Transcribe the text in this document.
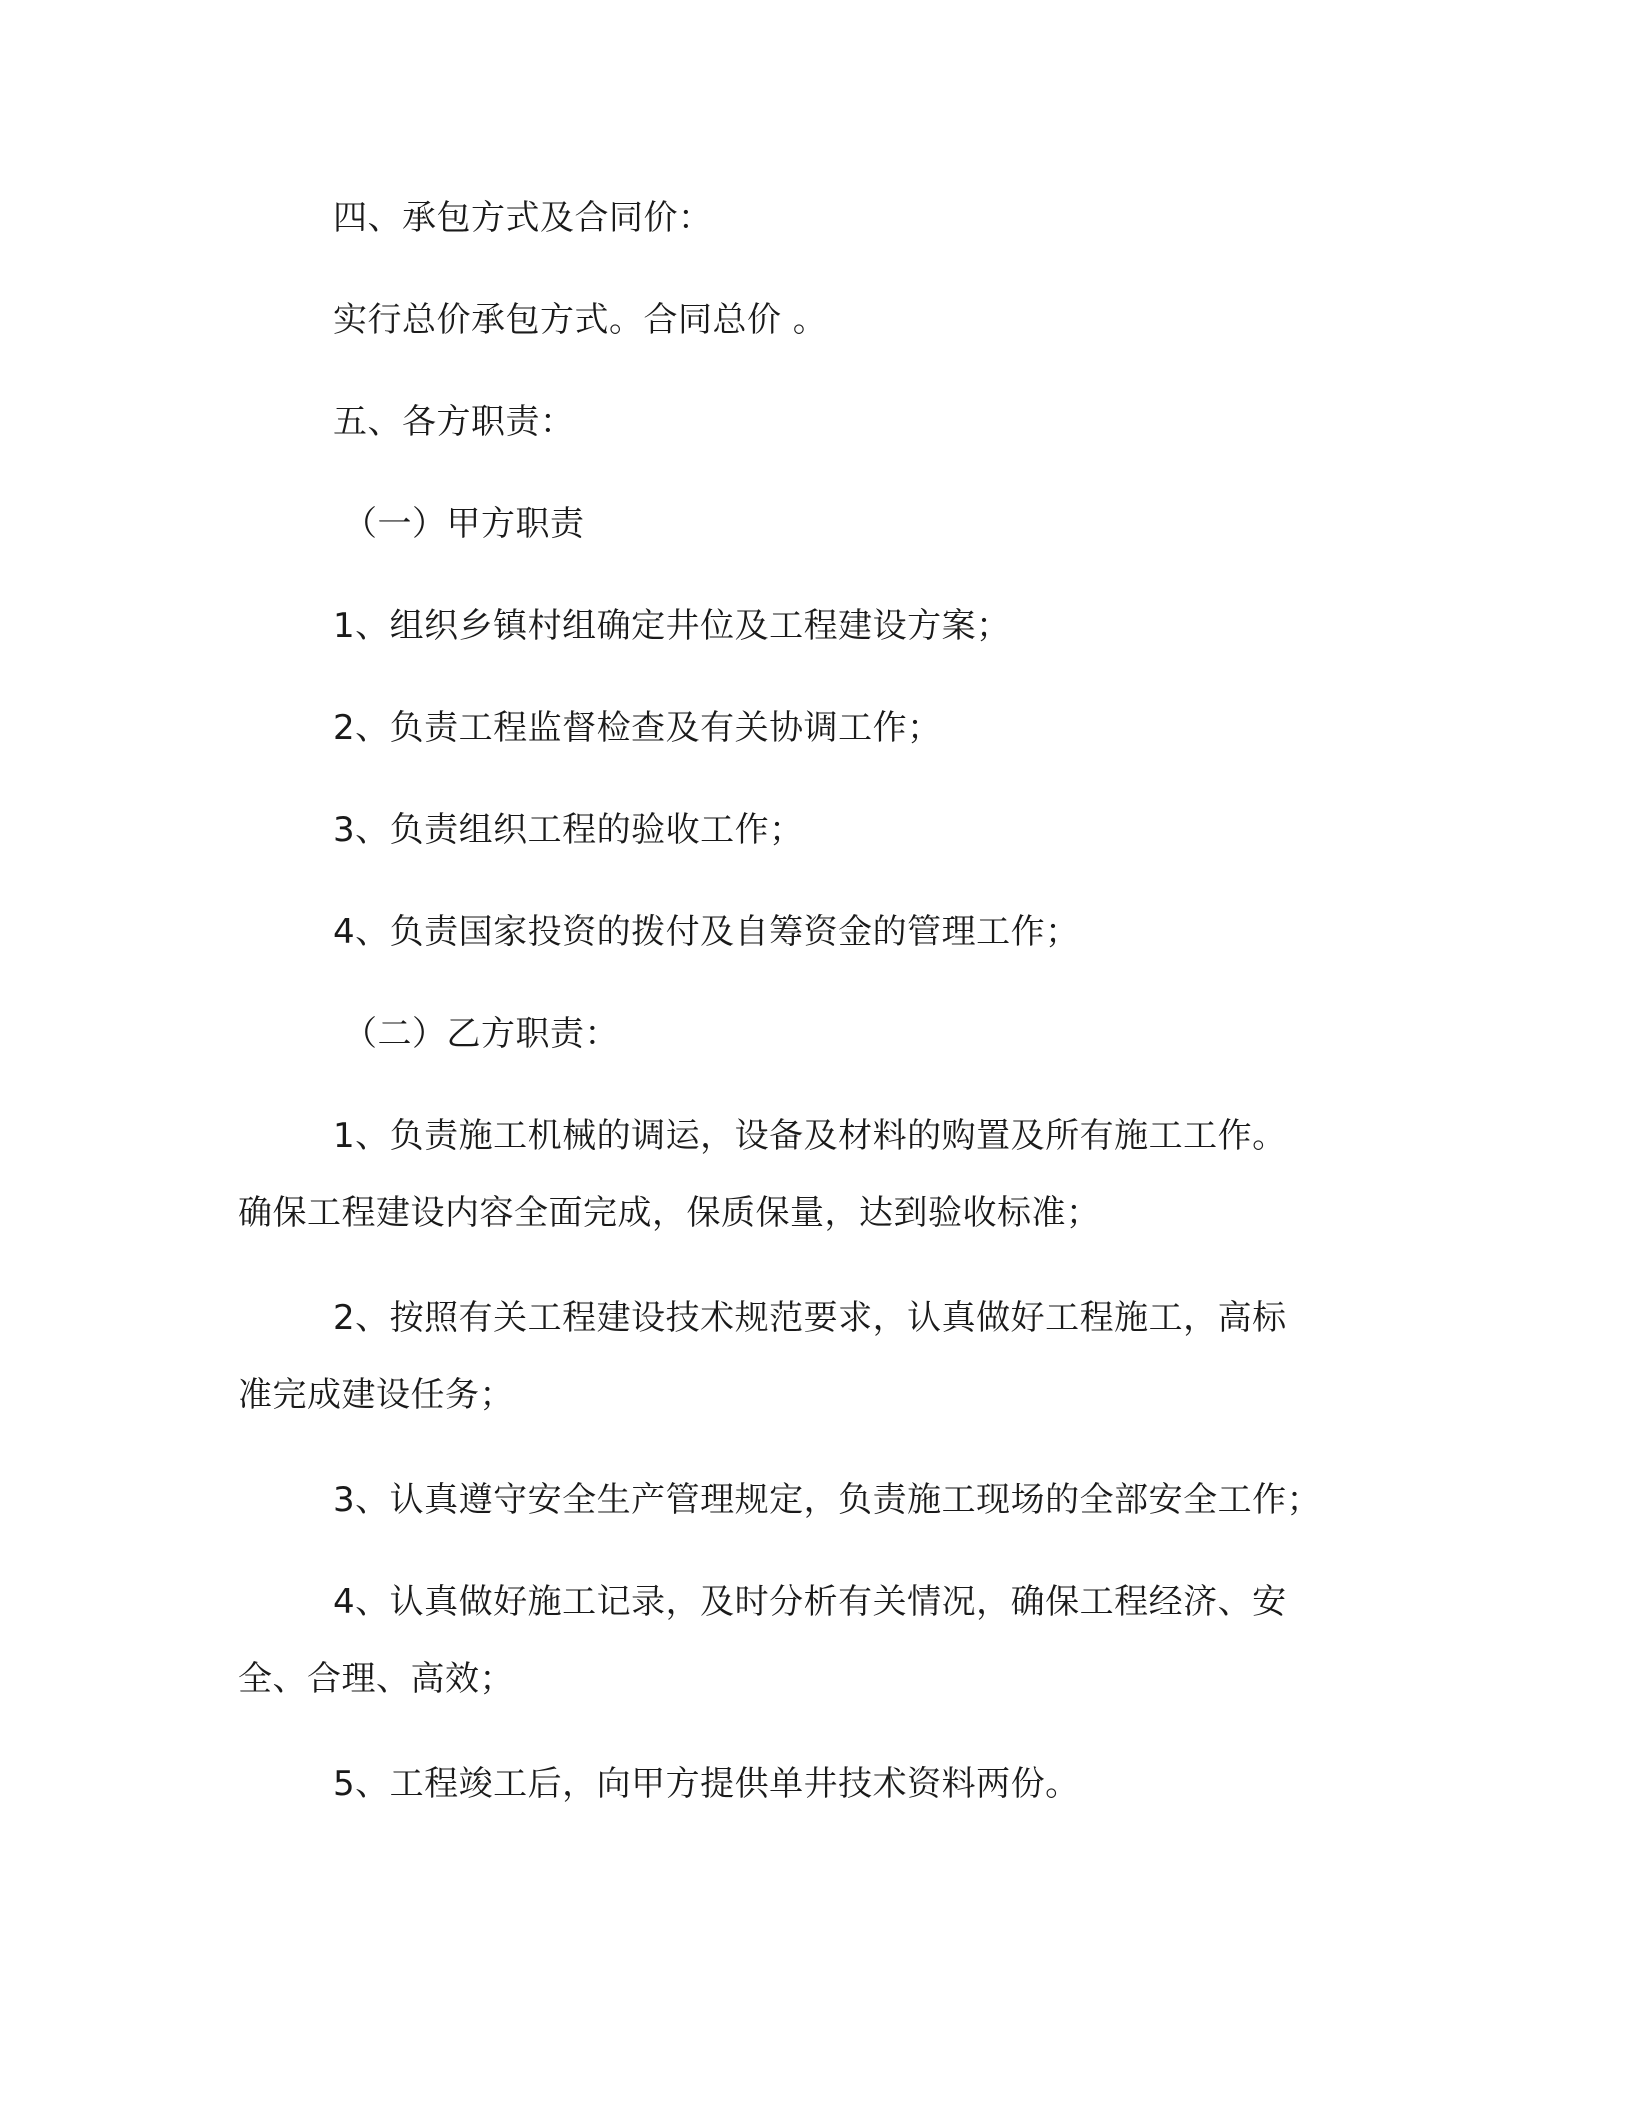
四、承包方式及合同价：
实行总价承包方式。合同总价 。
五、各方职责：
（一）甲方职责
1、组织乡镇村组确定井位及工程建设方案；
2、负责工程监督检查及有关协调工作；
3、负责组织工程的验收工作；
4、负责国家投资的拨付及自筹资金的管理工作；
（二）乙方职责：
1、负责施工机械的调运，设备及材料的购置及所有施工工作。
确保工程建设内容全面完成，保质保量，达到验收标准；
2、按照有关工程建设技术规范要求，认真做好工程施工，高标
准完成建设任务；
3、认真遵守安全生产管理规定，负责施工现场的全部安全工作；
4、认真做好施工记录，及时分析有关情况，确保工程经济、安
全、合理、高效；
5、工程竣工后，向甲方提供单井技术资料两份。
